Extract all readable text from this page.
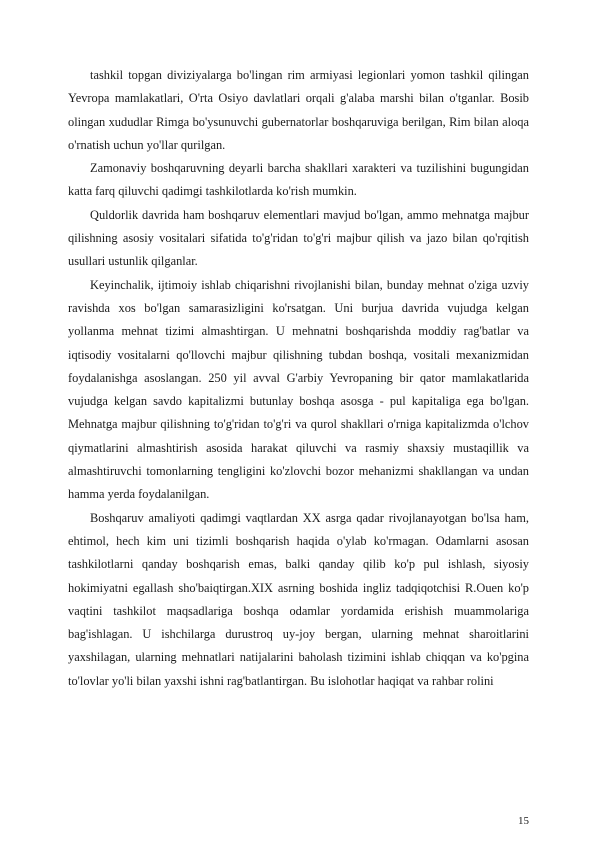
tashkil topgan diviziyalarga bo'lingan rim armiyasi legionlari yomon tashkil qilingan Yevropa mamlakatlari, O'rta Osiyo davlatlari orqali g'alaba marshi bilan o'tganlar. Bosib olingan xududlar Rimga bo'ysunuvchi gubernatorlar boshqaruviga berilgan, Rim bilan aloqa o'rnatish uchun yo'llar qurilgan.

Zamonaviy boshqaruvning deyarli barcha shakllari xarakteri va tuzilishini bugungidan katta farq qiluvchi qadimgi tashkilotlarda ko'rish mumkin.

Quldorlik davrida ham boshqaruv elementlari mavjud bo'lgan, ammo mehnatga majbur qilishning asosiy vositalari sifatida to'g'ridan to'g'ri majbur qilish va jazo bilan qo'rqitish usullari ustunlik qilganlar.

Keyinchalik, ijtimoiy ishlab chiqarishni rivojlanishi bilan, bunday mehnat o'ziga uzviy ravishda xos bo'lgan samarasizligini ko'rsatgan. Uni burjua davrida vujudga kelgan yollanma mehnat tizimi almashtirgan. U mehnatni boshqarishda moddiy rag'batlar va iqtisodiy vositalarni qo'llovchi majbur qilishning tubdan boshqa, vositali mexanizmidan foydalanishga asoslangan. 250 yil avval G'arbiy Yevropaning bir qator mamlakatlarida vujudga kelgan savdo kapitalizmi butunlay boshqa asosga - pul kapitaliga ega bo'lgan. Mehnatga majbur qilishning to'g'ridan to'g'ri va qurol shakllari o'rniga kapitalizmda o'lchov qiymatlarini almashtirish asosida harakat qiluvchi va rasmiy shaxsiy mustaqillik va almashtiruvchi tomonlarning tengligini ko'zlovchi bozor mehanizmi shakllangan va undan hamma yerda foydalanilgan.

Boshqaruv amaliyoti qadimgi vaqtlardan XX asrga qadar rivojlanayotgan bo'lsa ham, ehtimol, hech kim uni tizimli boshqarish haqida o'ylab ko'rmagan. Odamlarni asosan tashkilotlarni qanday boshqarish emas, balki qanday qilib ko'p pul ishlash, siyosiy hokimiyatni egallash sho'baiqtirgan.XIX asrning boshida ingliz tadqiqotchisi R.Ouen ko'p vaqtini tashkilot maqsadlariga boshqa odamlar yordamida erishish muammolariga bag'ishlagan. U ishchilarga durustroq uy-joy bergan, ularning mehnat sharoitlarini yaxshilagan, ularning mehnatlari natijalarini baholash tizimini ishlab chiqqan va ko'pgina to'lovlar yo'li bilan yaxshi ishni rag'batlantirgan. Bu islohotlar haqiqat va rahbar rolini

15
